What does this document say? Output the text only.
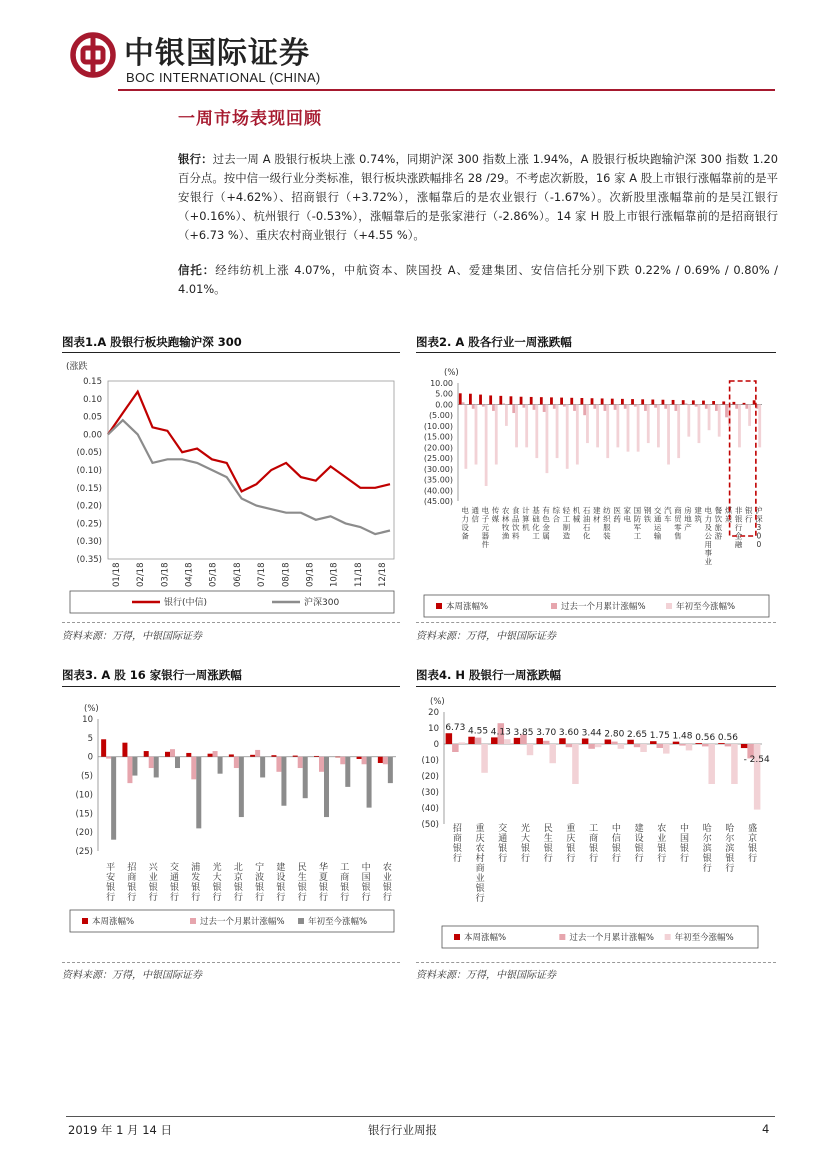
中银国际证券
BOC INTERNATIONAL (CHINA)
一周市场表现回顾
银行：过去一周 A 股银行板块上涨 0.74%，同期沪深 300 指数上涨 1.94%，A 股银行板块跑输沪深 300 指数 1.20 百分点。按中信一级行业分类标准，银行板块涨跌幅排名 28 /29。不考虑次新股，16 家 A 股上市银行涨幅靠前的是平安银行（+4.62%）、招商银行（+3.72%），涨幅靠后的是农业银行（-1.67%）。次新股里涨幅靠前的是吴江银行（+0.16%）、杭州银行（-0.53%），涨幅靠后的是张家港行（-2.86%）。14 家 H 股上市银行涨幅靠前的是招商银行（+6.73 %）、重庆农村商业银行（+4.55 %）。
信托：经纬纺机上涨 4.07%，中航资本、陕国投 A、爱建集团、安信信托分别下跌 0.22% / 0.69% / 0.80% / 4.01%。
图表1.A 股银行板块跑输沪深 300	图表2. A 股各行业一周涨跌幅
(涨跌
0.15
0.10
0.05
0.00
(0.05)
(0.10)
(0.15)
(0.20)
(0.25)
(0.30)
(0.35)
01/18 02/18 03/18 04/18 05/18 06/18 07/18 08/18 09/18 10/18 11/18 12/18
银行(中信)	沪深300
(%)
10.00
5.00
0.00
(5.00)
(10.00)
(15.00)
(20.00)
(25.00)
(30.00)
(35.00)
(40.00)
(45.00)
电力设备
通信
电子元器件
传媒
农林牧渔
食品饮料
计算机
基础化工
有色金属
综合
轻工制造
机械
石油石化
建材
纺织服装
医药
家电
国防军工
钢铁
交通运输
汽车
商贸零售
房地产
建筑
电力及公用事业
餐饮旅游
煤炭
非银行金融
银行
沪深 3 0 0
本周涨幅%	过去一个月累计涨幅%	年初至今涨幅%
资料来源：万得，中银国际证券	资料来源：万得，中银国际证券
图表3. A 股 16 家银行一周涨跌幅	图表4. H 股银行一周涨跌幅
(%)
10
5
0
(5)
(10)
(15)
(20)
(25)
平安银行
招商银行
兴业银行
交通银行
浦发银行
光大银行
北京银行
宁波银行
建设银行
民生银行
华夏银行
工商银行
中国银行
农业银行
本周涨幅%	过去一个月累计涨幅%	年初至今涨幅%
(%)
20
10
0
(10)
(20)
(30)
(40)
(50) 招商银行
重庆农村商业银行
交通银行
光大银行
民生银行
重庆银行
工商银行
中信银行
建设银行
农业银行
中国银行
哈尔滨银行
哈尔滨银行
盛京银行
6.73 4.55 4.13 3.85 3.70 3.60 3.44 2.80 2.65 1.75 1.48 0.56 0.56
- 2.54
本周涨幅%	过去一个月累计涨幅% 年初至今涨幅%
资料来源：万得，中银国际证券	资料来源：万得，中银国际证券
2019 年 1 月 14 日	银行行业周报	4
